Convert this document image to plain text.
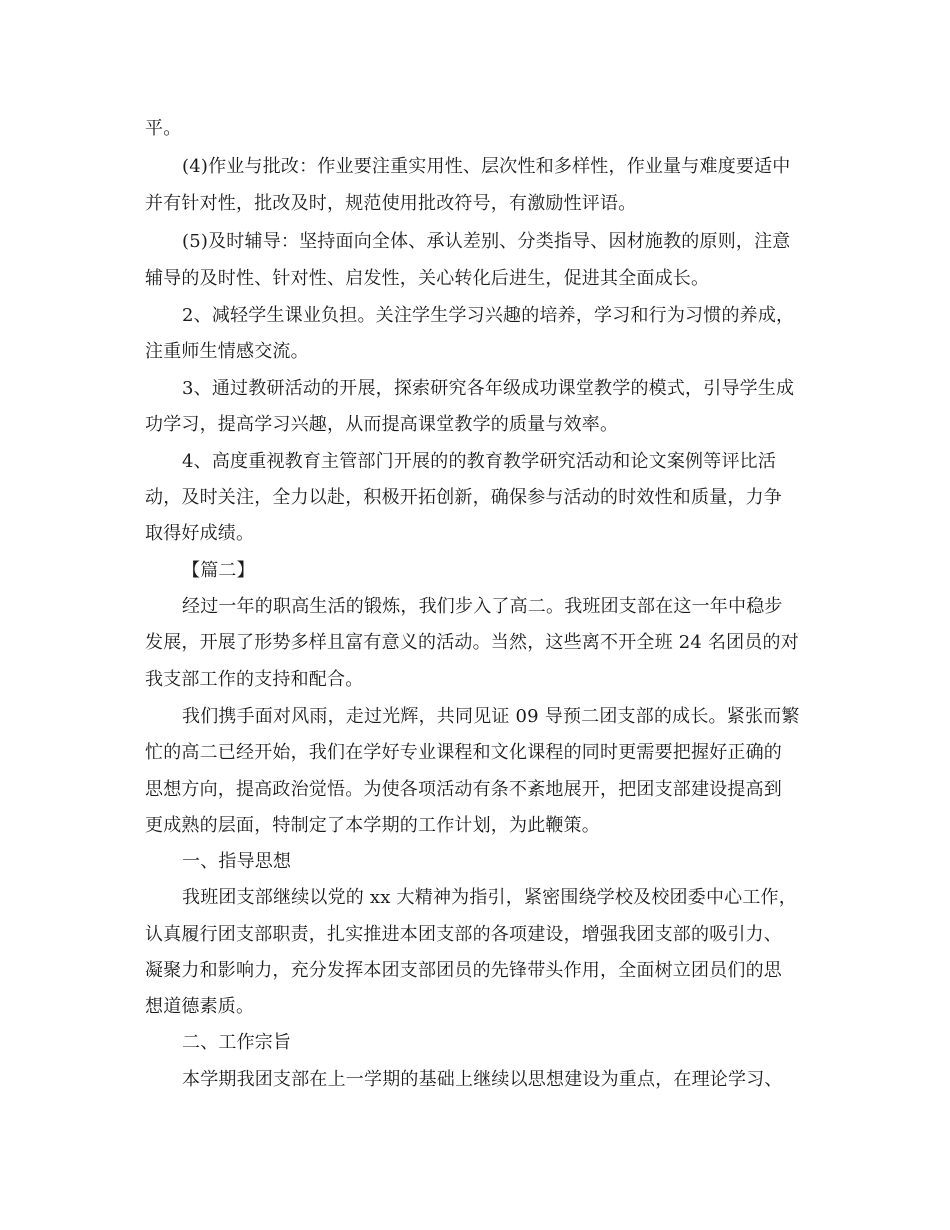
平。
(4)作业与批改：作业要注重实用性、层次性和多样性，作业量与难度要适中
并有针对性，批改及时，规范使用批改符号，有激励性评语。
(5)及时辅导：坚持面向全体、承认差别、分类指导、因材施教的原则，注意
辅导的及时性、针对性、启发性，关心转化后进生，促进其全面成长。
2、减轻学生课业负担。关注学生学习兴趣的培养，学习和行为习惯的养成，
注重师生情感交流。
3、通过教研活动的开展，探索研究各年级成功课堂教学的模式，引导学生成
功学习，提高学习兴趣，从而提高课堂教学的质量与效率。
4、高度重视教育主管部门开展的的教育教学研究活动和论文案例等评比活
动，及时关注，全力以赴，积极开拓创新，确保参与活动的时效性和质量，力争
取得好成绩。
【篇二】
经过一年的职高生活的锻炼，我们步入了高二。我班团支部在这一年中稳步
发展，开展了形势多样且富有意义的活动。当然，这些离不开全班 24 名团员的对
我支部工作的支持和配合。
我们携手面对风雨，走过光辉，共同见证 09 导预二团支部的成长。紧张而繁
忙的高二已经开始，我们在学好专业课程和文化课程的同时更需要把握好正确的
思想方向，提高政治觉悟。为使各项活动有条不紊地展开，把团支部建设提高到
更成熟的层面，特制定了本学期的工作计划，为此鞭策。
一、指导思想
我班团支部继续以党的 xx 大精神为指引，紧密围绕学校及校团委中心工作，
认真履行团支部职责，扎实推进本团支部的各项建设，增强我团支部的吸引力、
凝聚力和影响力，充分发挥本团支部团员的先锋带头作用，全面树立团员们的思
想道德素质。
二、工作宗旨
本学期我团支部在上一学期的基础上继续以思想建设为重点，在理论学习、
